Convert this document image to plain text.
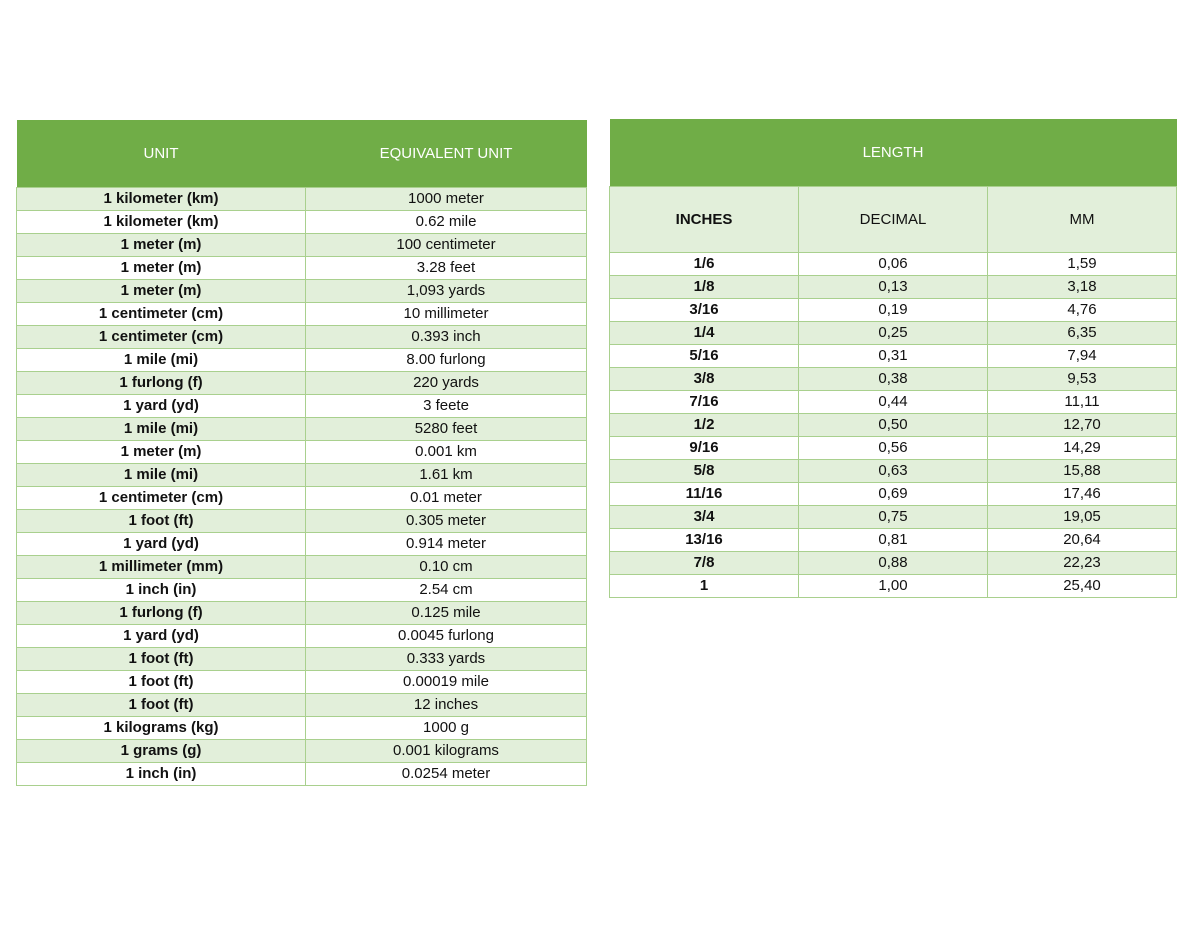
UNIT	EQUIVALENT UNIT
1 kilometer (km)	1000 meter
1 kilometer (km)	0.62 mile
1 meter (m)	100 centimeter
1 meter (m)	3.28 feet
1 meter (m)	1,093 yards
1 centimeter (cm)	10 millimeter
1 centimeter (cm)	0.393 inch
1 mile (mi)	8.00 furlong
1 furlong (f)	220 yards
1 yard (yd)	3 feete
1 mile (mi)	5280 feet
1 meter (m)	0.001 km
1 mile (mi)	1.61 km
1 centimeter (cm)	0.01 meter
1 foot (ft)	0.305 meter
1 yard (yd)	0.914 meter
1 millimeter (mm)	0.10 cm
1 inch (in)	2.54 cm
1 furlong (f)	0.125 mile
1 yard (yd)	0.0045 furlong
1 foot (ft)	0.333 yards
1 foot (ft)	0.00019 mile
1 foot (ft)	12 inches
1 kilograms (kg)	1000 g
1 grams (g)	0.001 kilograms
1 inch (in)	0.0254 meter
LENGTH		
INCHES	DECIMAL	MM
1/6	0,06	1,59
1/8	0,13	3,18
3/16	0,19	4,76
1/4	0,25	6,35
5/16	0,31	7,94
3/8	0,38	9,53
7/16	0,44	11,11
1/2	0,50	12,70
9/16	0,56	14,29
5/8	0,63	15,88
11/16	0,69	17,46
3/4	0,75	19,05
13/16	0,81	20,64
7/8	0,88	22,23
1	1,00	25,40
